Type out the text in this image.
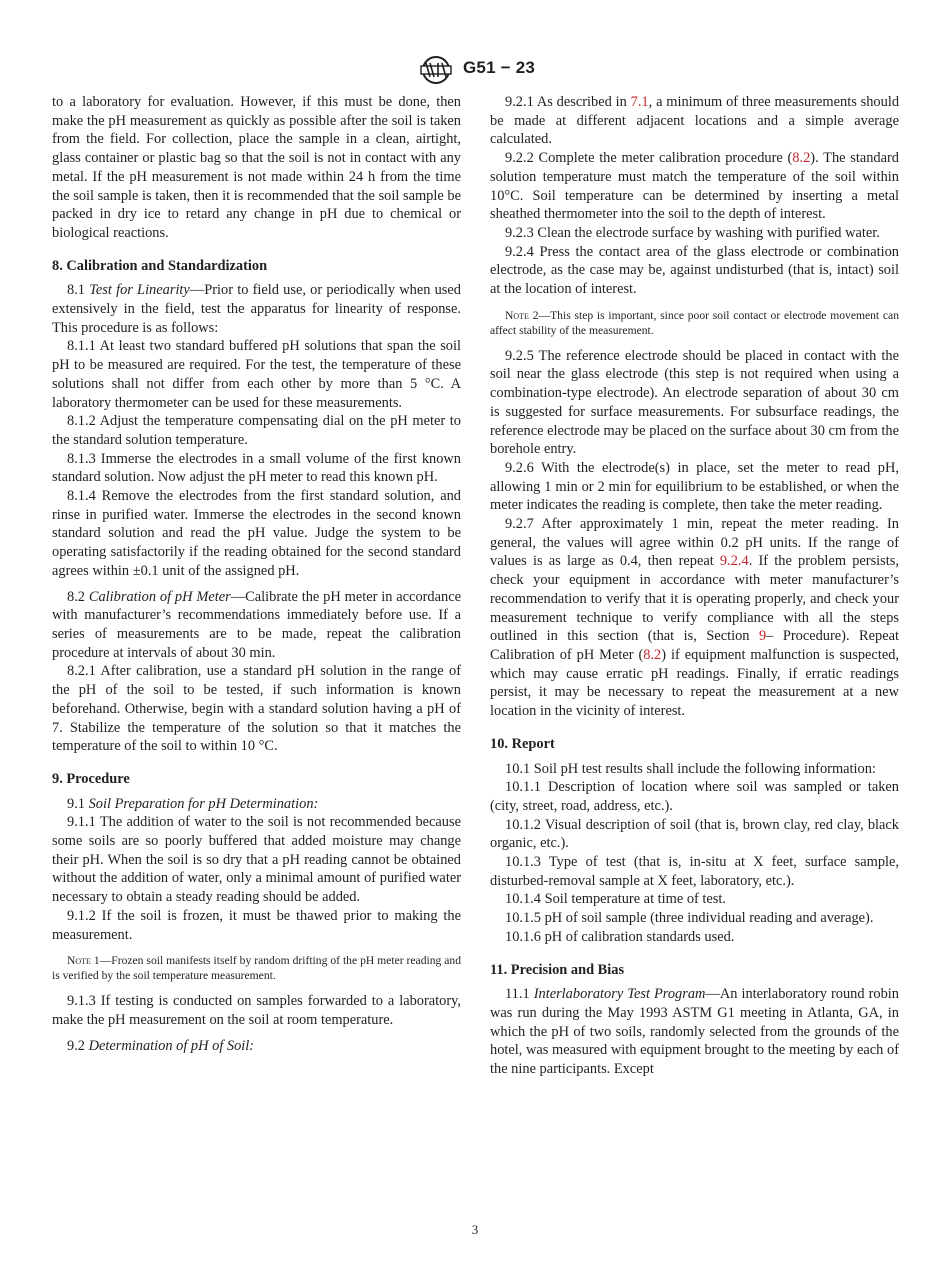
G51 − 23

to a laboratory for evaluation. However, if this must be done, then make the pH measurement as quickly as possible after the soil is taken from the field. For collection, place the sample in a clean, airtight, glass container or plastic bag so that the soil is not in contact with any metal. If the pH measurement is not made within 24 h from the time the soil sample is taken, then it is recommended that the soil sample be packed in dry ice to retard any change in pH due to chemical or biological reactions.

8. Calibration and Standardization

8.1 Test for Linearity—Prior to field use, or periodically when used extensively in the field, test the apparatus for linearity of response. This procedure is as follows:

8.1.1 At least two standard buffered pH solutions that span the soil pH to be measured are required. For the test, the temperature of these solutions shall not differ from each other by more than 5 °C. A laboratory thermometer can be used for these measurements.

8.1.2 Adjust the temperature compensating dial on the pH meter to the standard solution temperature.

8.1.3 Immerse the electrodes in a small volume of the first known standard solution. Now adjust the pH meter to read this known pH.

8.1.4 Remove the electrodes from the first standard solution, and rinse in purified water. Immerse the electrodes in the second known standard solution and read the pH value. Judge the system to be operating satisfactorily if the reading obtained for the second standard agrees within ±0.1 unit of the assigned pH.

8.2 Calibration of pH Meter—Calibrate the pH meter in accordance with manufacturer’s recommendations immediately before use. If a series of measurements are to be made, repeat the calibration procedure at intervals of about 30 min.

8.2.1 After calibration, use a standard pH solution in the range of the pH of the soil to be tested, if such information is known beforehand. Otherwise, begin with a standard solution having a pH of 7. Stabilize the temperature of the solution so that it matches the temperature of the soil to within 10 °C.

9. Procedure

9.1 Soil Preparation for pH Determination:

9.1.1 The addition of water to the soil is not recommended because some soils are so poorly buffered that added moisture may change their pH. When the soil is so dry that a pH reading cannot be obtained without the addition of water, only a minimal amount of purified water necessary to obtain a steady reading should be added.

9.1.2 If the soil is frozen, it must be thawed prior to making the measurement.

Note 1—Frozen soil manifests itself by random drifting of the pH meter reading and is verified by the soil temperature measurement.

9.1.3 If testing is conducted on samples forwarded to a laboratory, make the pH measurement on the soil at room temperature.

9.2 Determination of pH of Soil:

9.2.1 As described in 7.1, a minimum of three measurements should be made at different adjacent locations and a simple average calculated.

9.2.2 Complete the meter calibration procedure (8.2). The standard solution temperature must match the temperature of the soil within 10°C. Soil temperature can be determined by inserting a metal sheathed thermometer into the soil to the depth of interest.

9.2.3 Clean the electrode surface by washing with purified water.

9.2.4 Press the contact area of the glass electrode or combination electrode, as the case may be, against undisturbed (that is, intact) soil at the location of interest.

Note 2—This step is important, since poor soil contact or electrode movement can affect stability of the measurement.

9.2.5 The reference electrode should be placed in contact with the soil near the glass electrode (this step is not required when using a combination-type electrode). An electrode separation of about 30 cm is suggested for surface measurements. For subsurface readings, the reference electrode may be placed on the surface about 30 cm from the borehole entry.

9.2.6 With the electrode(s) in place, set the meter to read pH, allowing 1 min or 2 min for equilibrium to be established, or when the meter indicates the reading is complete, then take the meter reading.

9.2.7 After approximately 1 min, repeat the meter reading. In general, the values will agree within 0.2 pH units. If the range of values is as large as 0.4, then repeat 9.2.4. If the problem persists, check your equipment in accordance with meter manufacturer’s recommendation to verify that it is operating properly, and check your measurement technique to verify compliance with all the steps outlined in this section (that is, Section 9– Procedure). Repeat Calibration of pH Meter (8.2) if equipment malfunction is suspected, which may cause erratic pH readings. Finally, if erratic readings persist, it may be necessary to repeat the measurement at a new location in the vicinity of interest.

10. Report

10.1 Soil pH test results shall include the following information:

10.1.1 Description of location where soil was sampled or taken (city, street, road, address, etc.).

10.1.2 Visual description of soil (that is, brown clay, red clay, black organic, etc.).

10.1.3 Type of test (that is, in-situ at X feet, surface sample, disturbed-removal sample at X feet, laboratory, etc.).

10.1.4 Soil temperature at time of test.

10.1.5 pH of soil sample (three individual reading and average).

10.1.6 pH of calibration standards used.

11. Precision and Bias

11.1 Interlaboratory Test Program—An interlaboratory round robin was run during the May 1993 ASTM G1 meeting in Atlanta, GA, in which the pH of two soils, randomly selected from the grounds of the hotel, was measured with equipment brought to the meeting by each of the nine participants. Except

3
